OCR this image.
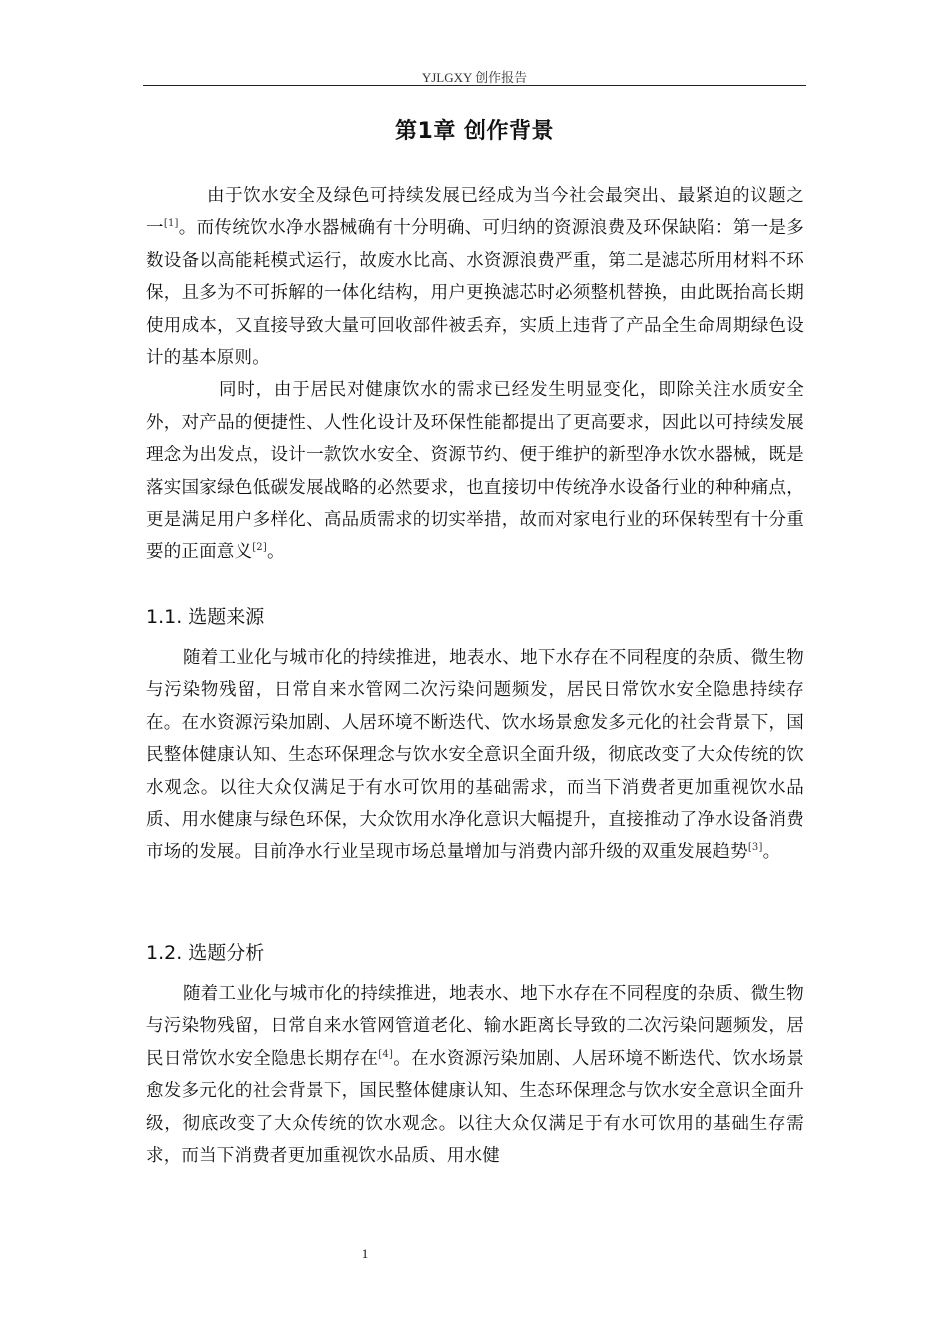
YJLGXY 创作报告
第1章 创作背景

由于饮水安全及绿色可持续发展已经成为当今社会最突出、最紧迫的议题之一[1]。而传统饮水净水器械确有十分明确、可归纳的资源浪费及环保缺陷：第一是多数设备以高能耗模式运行，故废水比高、水资源浪费严重，第二是滤芯所用材料不环保，且多为不可拆解的一体化结构，用户更换滤芯时必须整机替换，由此既抬高长期使用成本，又直接导致大量可回收部件被丢弃，实质上违背了产品全生命周期绿色设计的基本原则。

同时，由于居民对健康饮水的需求已经发生明显变化，即除关注水质安全外，对产品的便捷性、人性化设计及环保性能都提出了更高要求，因此以可持续发展理念为出发点，设计一款饮水安全、资源节约、便于维护的新型净水饮水器械，既是落实国家绿色低碳发展战略的必然要求，也直接切中传统净水设备行业的种种痛点，更是满足用户多样化、高品质需求的切实举措，故而对家电行业的环保转型有十分重要的正面意义[2]。

1.1. 选题来源

随着工业化与城市化的持续推进，地表水、地下水存在不同程度的杂质、微生物与污染物残留，日常自来水管网二次污染问题频发，居民日常饮水安全隐患持续存在。在水资源污染加剧、人居环境不断迭代、饮水场景愈发多元化的社会背景下，国民整体健康认知、生态环保理念与饮水安全意识全面升级，彻底改变了大众传统的饮水观念。以往大众仅满足于有水可饮用的基础需求，而当下消费者更加重视饮水品质、用水健康与绿色环保，大众饮用水净化意识大幅提升，直接推动了净水设备消费市场的发展。目前净水行业呈现市场总量增加与消费内部升级的双重发展趋势[3]。

1.2. 选题分析

随着工业化与城市化的持续推进，地表水、地下水存在不同程度的杂质、微生物与污染物残留，日常自来水管网管道老化、输水距离长导致的二次污染问题频发，居民日常饮水安全隐患长期存在[4]。在水资源污染加剧、人居环境不断迭代、饮水场景愈发多元化的社会背景下，国民整体健康认知、生态环保理念与饮水安全意识全面升级，彻底改变了大众传统的饮水观念。以往大众仅满足于有水可饮用的基础生存需求，而当下消费者更加重视饮水品质、用水健

1
